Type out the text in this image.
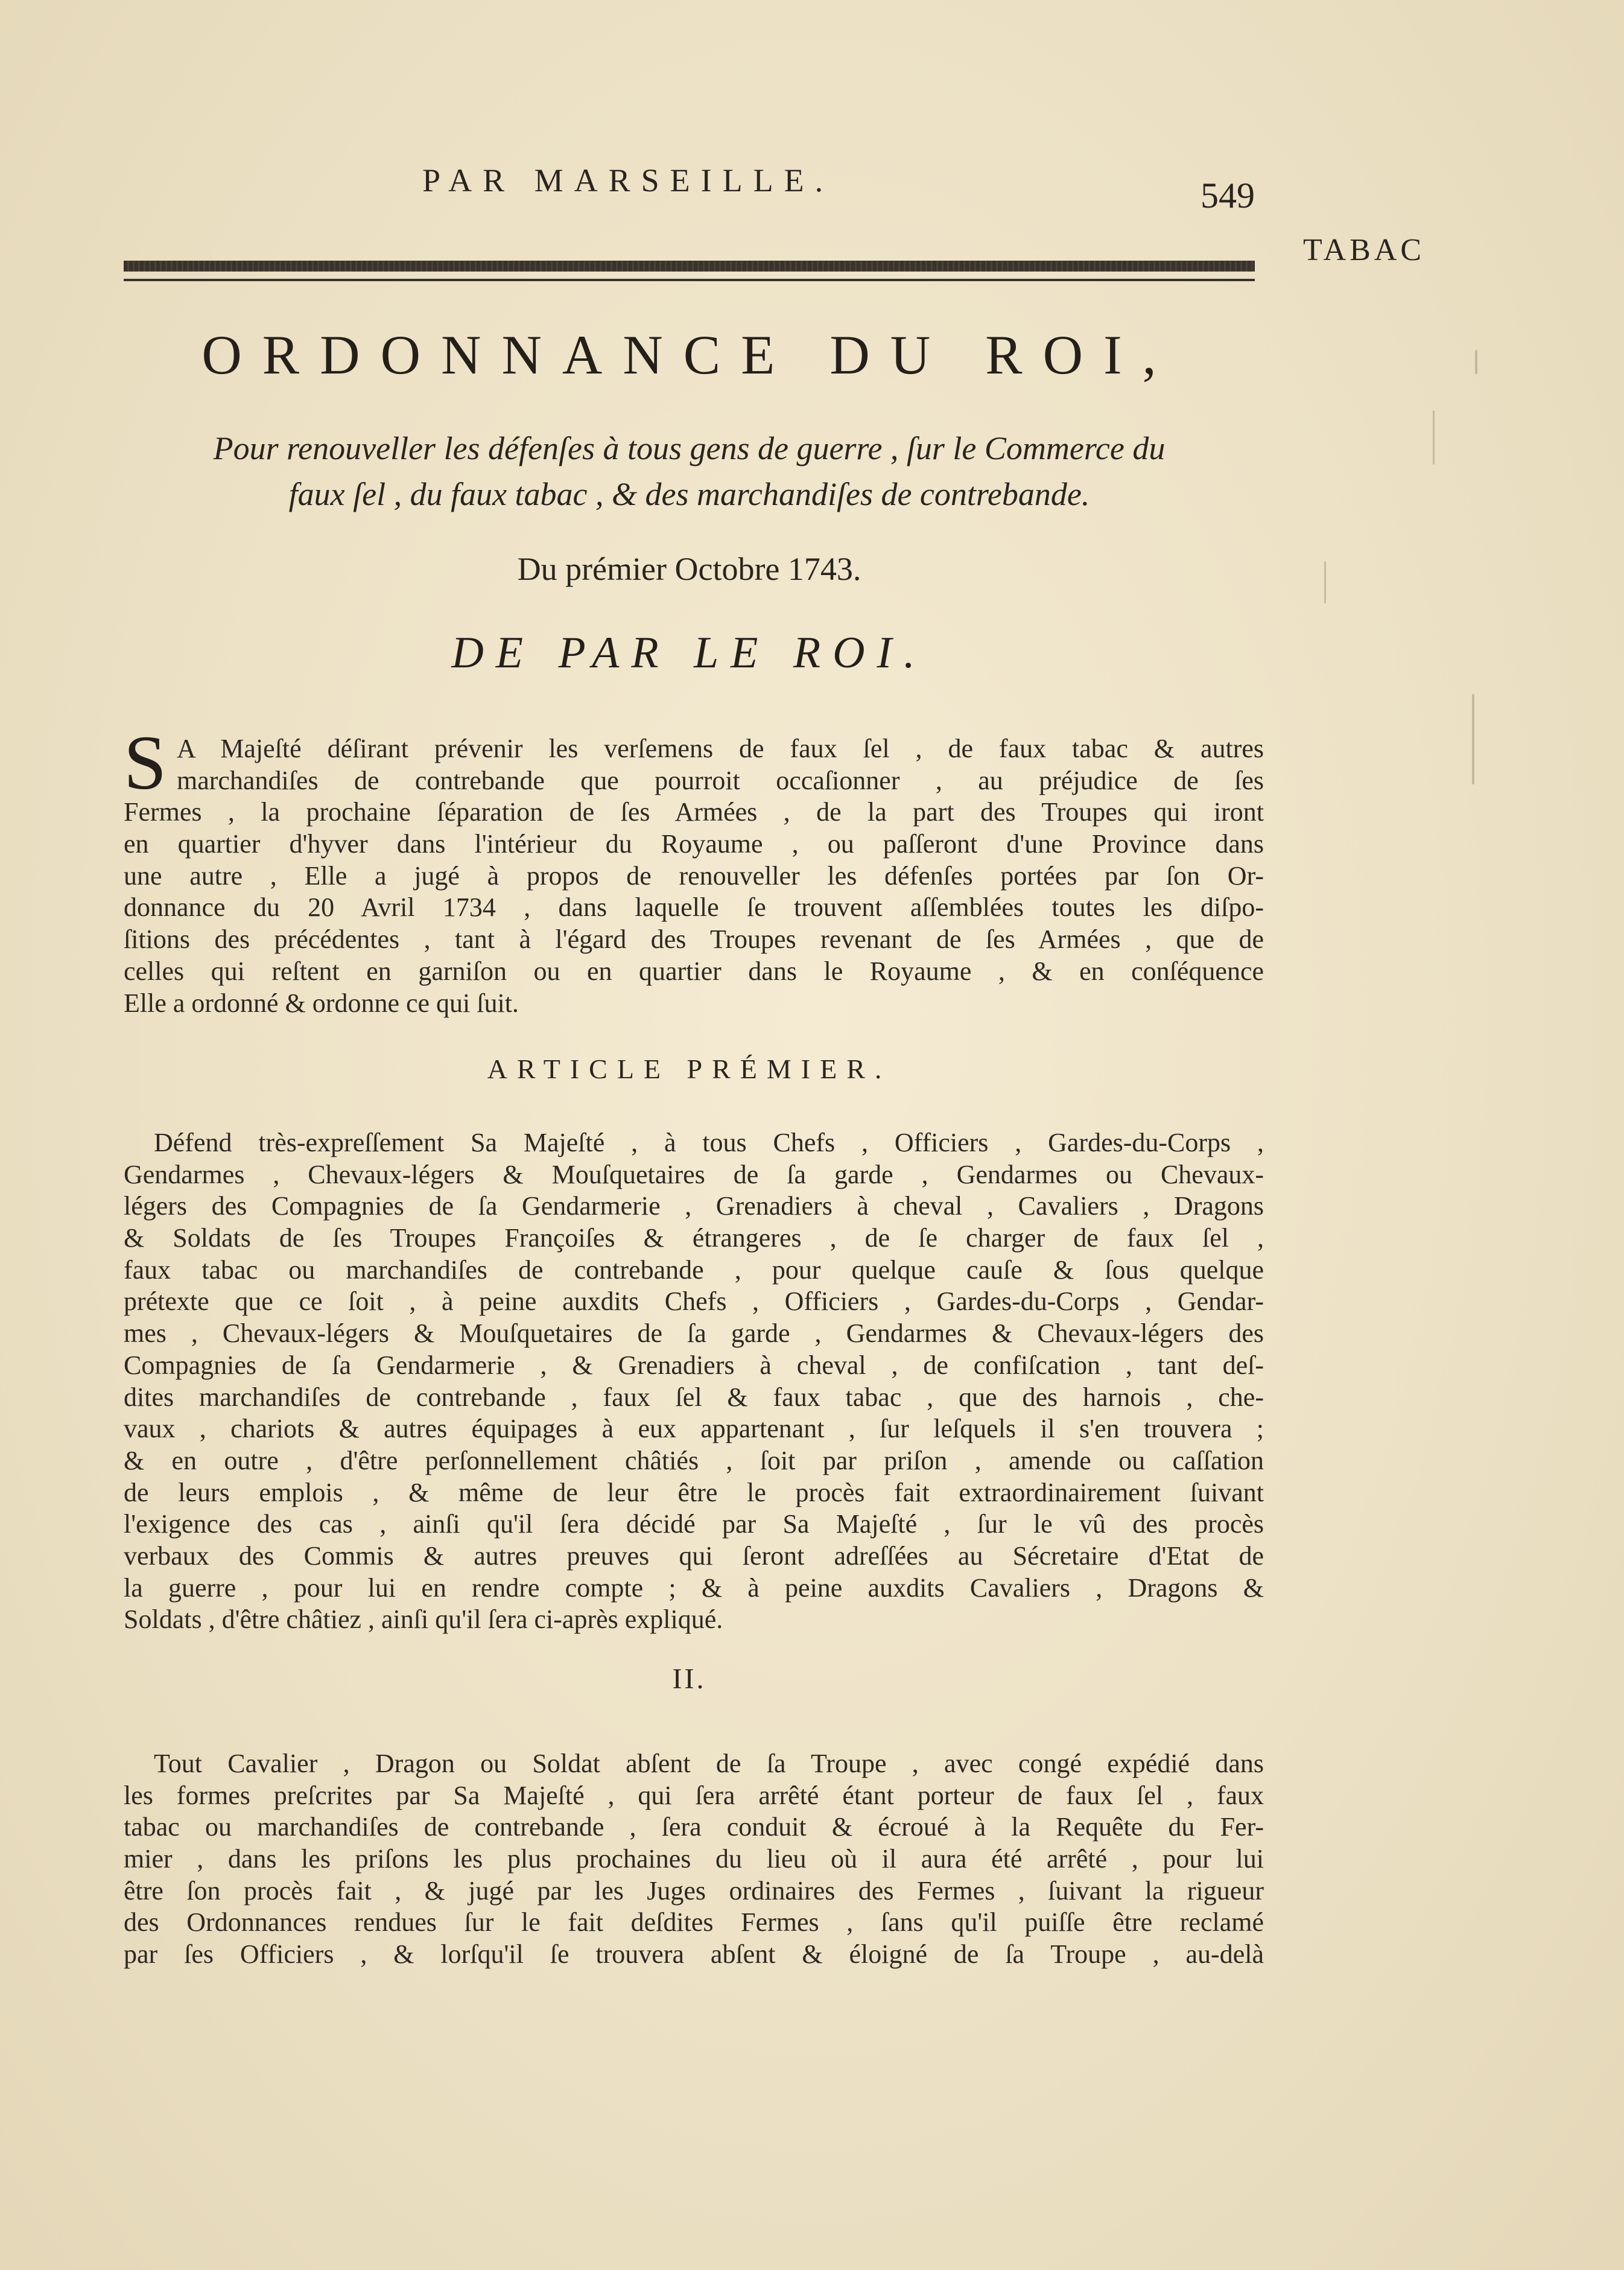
PAR MARSEILLE.	549
TABAC
ORDONNANCE DU ROI,
Pour renouveller les défenſes à tous gens de guerre , ſur le Commerce du
faux ſel , du faux tabac , & des marchandiſes de contrebande.
Du prémier Octobre 1743.
DE PAR LE ROI.
S A Majeſté déſirant prévenir les verſemens de faux ſel , de faux tabac & autres
marchandiſes de contrebande que pourroit occaſionner , au préjudice de ſes
Fermes , la prochaine ſéparation de ſes Armées , de la part des Troupes qui iront
en quartier d'hyver dans l'intérieur du Royaume , ou paſſeront d'une Province dans
une autre , Elle a jugé à propos de renouveller les défenſes portées par ſon Or-
donnance du 20 Avril 1734 , dans laquelle ſe trouvent aſſemblées toutes les diſpo-
ſitions des précédentes , tant à l'égard des Troupes revenant de ſes Armées , que de
celles qui reſtent en garniſon ou en quartier dans le Royaume , & en conſéquence
Elle a ordonné & ordonne ce qui ſuit.
ARTICLE PRÉMIER.
Défend très-expreſſement Sa Majeſté , à tous Chefs , Officiers , Gardes-du-Corps ,
Gendarmes , Chevaux-légers & Mouſquetaires de ſa garde , Gendarmes ou Chevaux-
légers des Compagnies de ſa Gendarmerie , Grenadiers à cheval , Cavaliers , Dragons
& Soldats de ſes Troupes Françoiſes & étrangeres , de ſe charger de faux ſel ,
faux tabac ou marchandiſes de contrebande , pour quelque cauſe & ſous quelque
prétexte que ce ſoit , à peine auxdits Chefs , Officiers , Gardes-du-Corps , Gendar-
mes , Chevaux-légers & Mouſquetaires de ſa garde , Gendarmes & Chevaux-légers des
Compagnies de ſa Gendarmerie , & Grenadiers à cheval , de confiſcation , tant deſ-
dites marchandiſes de contrebande , faux ſel & faux tabac , que des harnois , che-
vaux , chariots & autres équipages à eux appartenant , ſur leſquels il s'en trouvera ;
& en outre , d'être perſonnellement châtiés , ſoit par priſon , amende ou caſſation
de leurs emplois , & même de leur être le procès fait extraordinairement ſuivant
l'exigence des cas , ainſi qu'il ſera décidé par Sa Majeſté , ſur le vû des procès
verbaux des Commis & autres preuves qui ſeront adreſſées au Sécretaire d'Etat de
la guerre , pour lui en rendre compte ; & à peine auxdits Cavaliers , Dragons &
Soldats , d'être châtiez , ainſi qu'il ſera ci-après expliqué.
II.
Tout Cavalier , Dragon ou Soldat abſent de ſa Troupe , avec congé expédié dans
les formes preſcrites par Sa Majeſté , qui ſera arrêté étant porteur de faux ſel , faux
tabac ou marchandiſes de contrebande , ſera conduit & écroué à la Requête du Fer-
mier , dans les priſons les plus prochaines du lieu où il aura été arrêté , pour lui
être ſon procès fait , & jugé par les Juges ordinaires des Fermes , ſuivant la rigueur
des Ordonnances rendues ſur le fait deſdites Fermes , ſans qu'il puiſſe être reclamé
par ſes Officiers , & lorſqu'il ſe trouvera abſent & éloigné de ſa Troupe , au-delà
